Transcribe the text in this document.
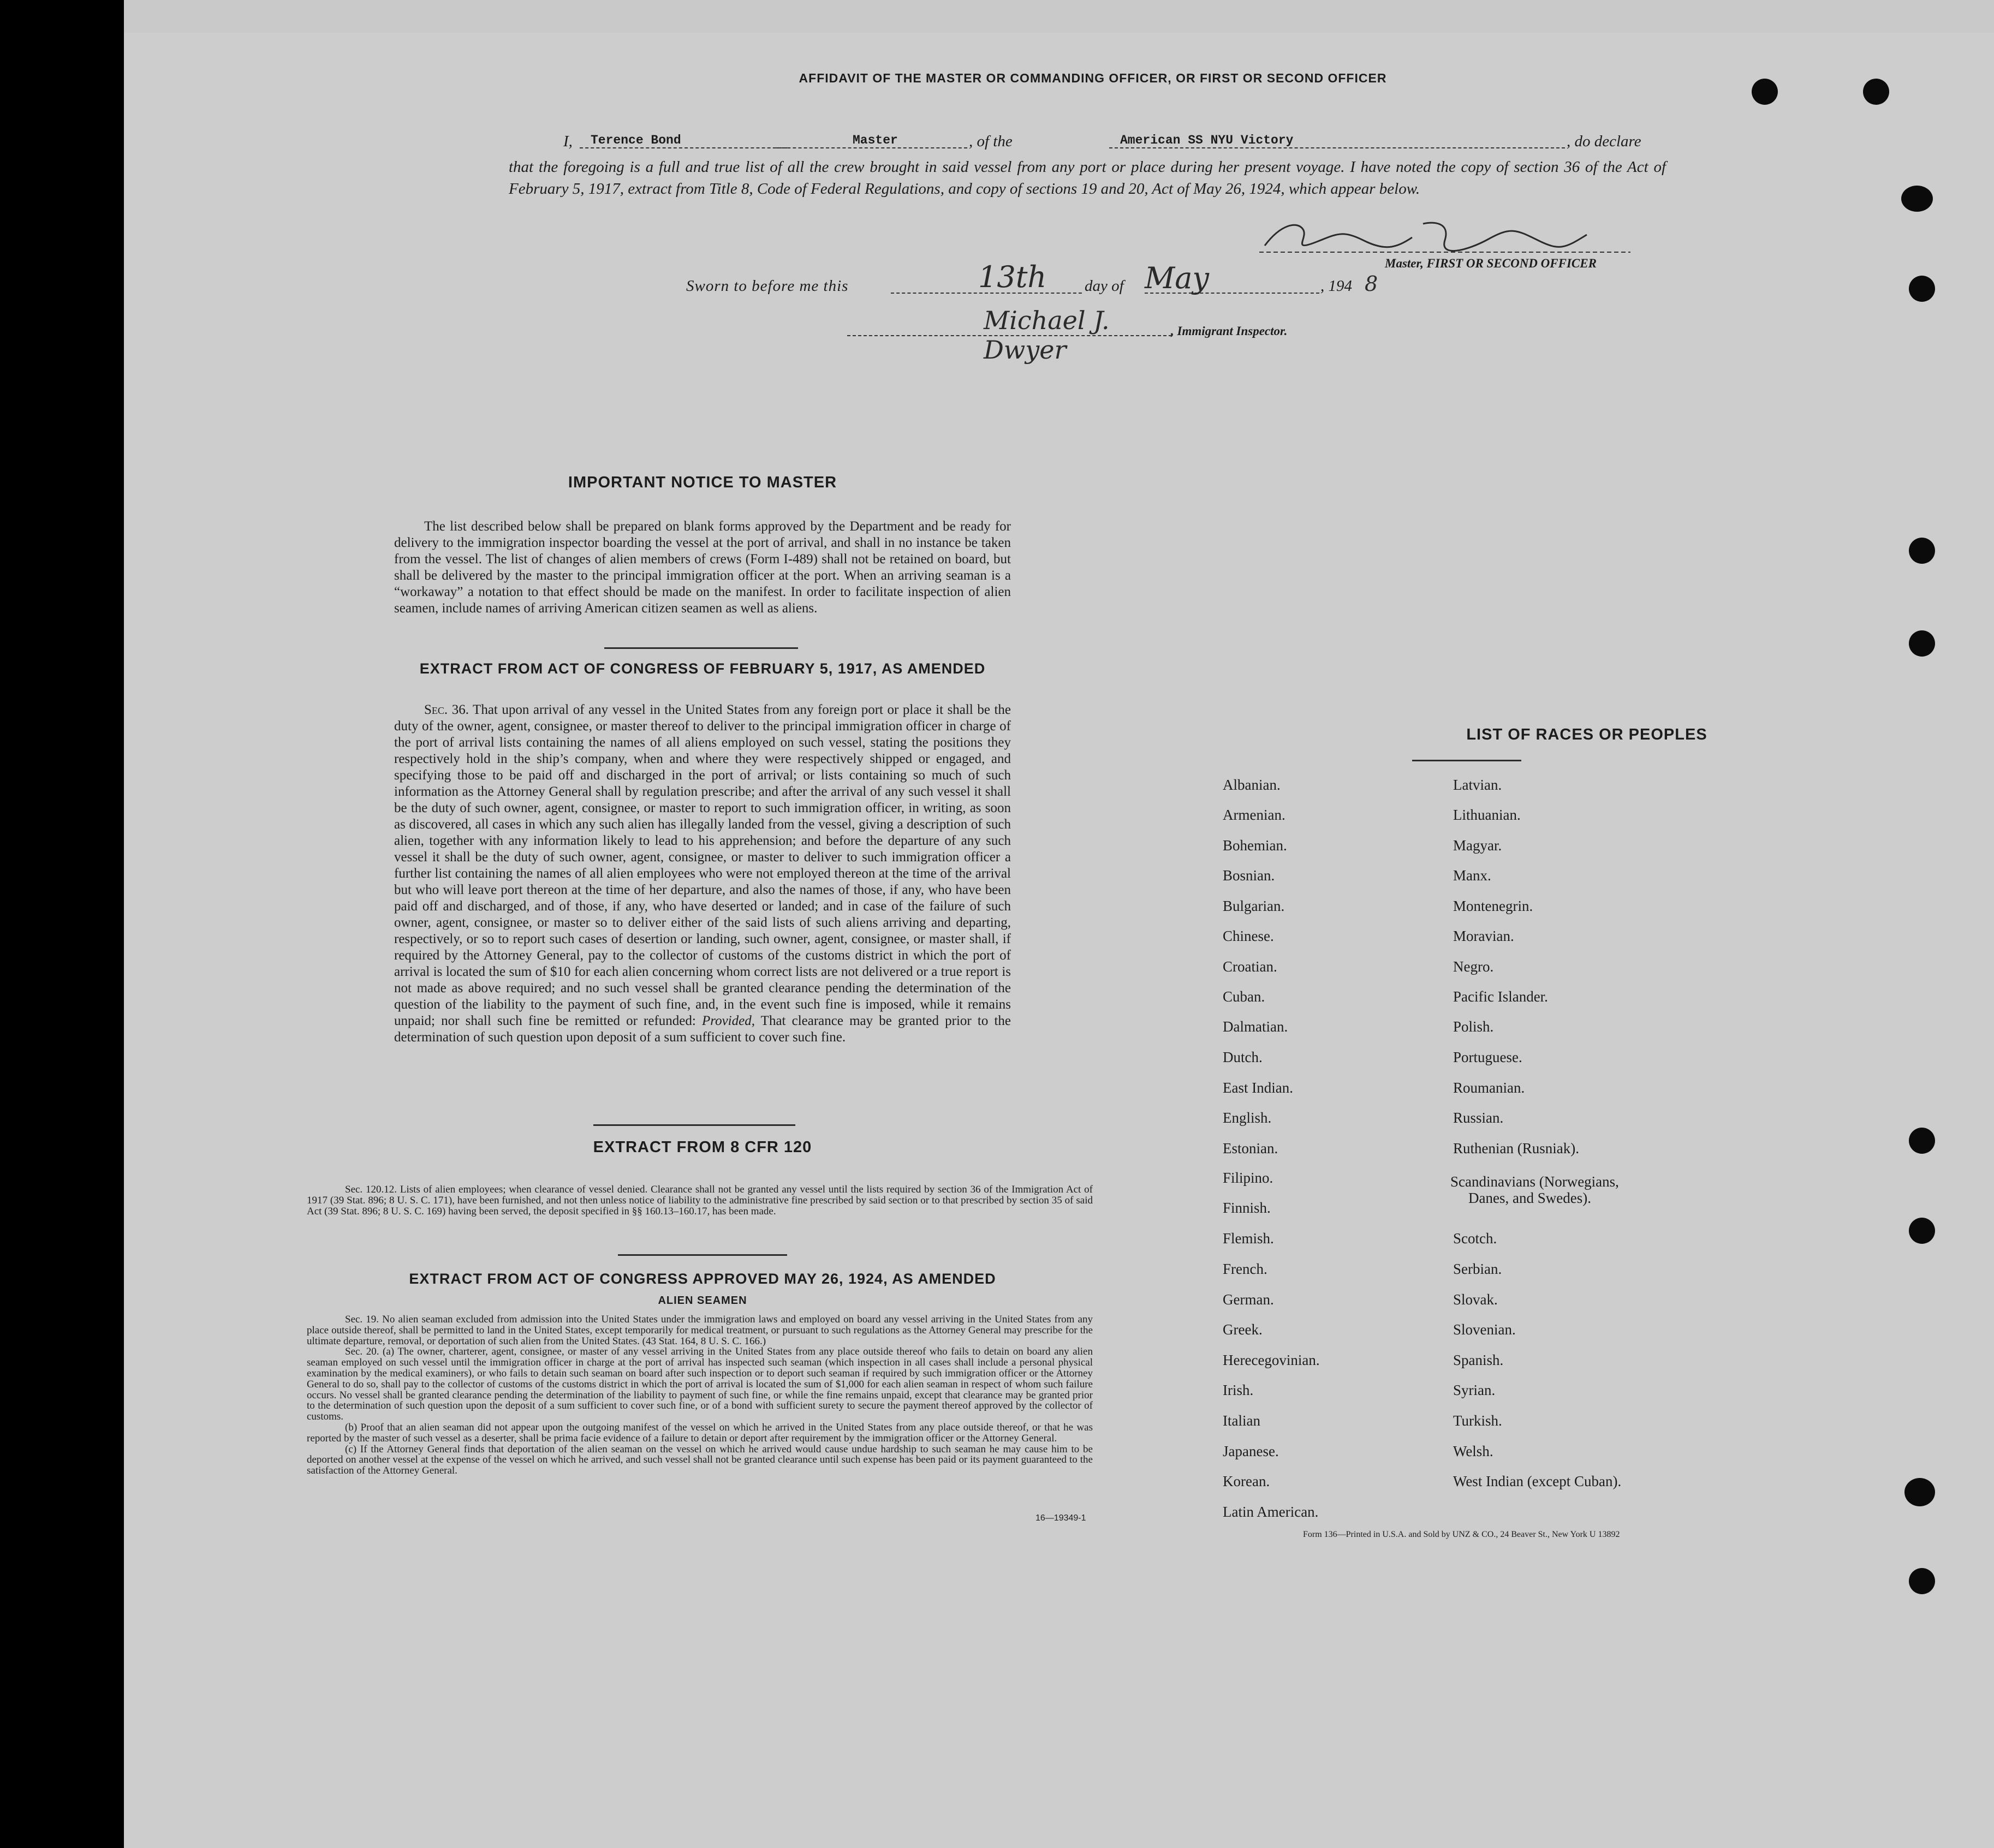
AFFIDAVIT OF THE MASTER OR COMMANDING OFFICER, OR FIRST OR SECOND OFFICER
I,	Terence Bond	Master	, of the	American SS NYU Victory	, do declare
that the foregoing is a full and true list of all the crew brought in said vessel from any port or place during her present voyage. I have noted the copy of section 36 of the Act of February 5, 1917, extract from Title 8, Code of Federal Regulations, and copy of sections 19 and 20, Act of May 26, 1924, which appear below.
Master, FIRST OR SECOND OFFICER
Sworn to before me this	13th day of May	, 194 8
Michael J. Dwyer
, Immigrant Inspector.
IMPORTANT NOTICE TO MASTER
The list described below shall be prepared on blank forms approved by the Department and be ready for delivery to the immigration inspector boarding the vessel at the port of arrival, and shall in no instance be taken from the vessel. The list of changes of alien members of crews (Form I-489) shall not be retained on board, but shall be delivered by the master to the principal immigration officer at the port. When an arriving seaman is a “workaway” a notation to that effect should be made on the manifest. In order to facilitate inspection of alien seamen, include names of arriving American citizen seamen as well as aliens.
EXTRACT FROM ACT OF CONGRESS OF FEBRUARY 5, 1917, AS AMENDED
Sec. 36. That upon arrival of any vessel in the United States from any foreign port or place it shall be the duty of the owner, agent, consignee, or master thereof to deliver to the principal immigration officer in charge of the port of arrival lists containing the names of all aliens employed on such vessel, stating the positions they respectively hold in the ship’s company, when and where they were respectively shipped or engaged, and specifying those to be paid off and discharged in the port of arrival; or lists containing so much of such information as the Attorney General shall by regulation prescribe; and after the arrival of any such vessel it shall be the duty of such owner, agent, consignee, or master to report to such immigration officer, in writing, as soon as discovered, all cases in which any such alien has illegally landed from the vessel, giving a description of such alien, together with any information likely to lead to his apprehension; and before the departure of any such vessel it shall be the duty of such owner, agent, consignee, or master to deliver to such immigration officer a further list containing the names of all alien employees who were not employed thereon at the time of the arrival but who will leave port thereon at the time of her departure, and also the names of those, if any, who have been paid off and discharged, and of those, if any, who have deserted or landed; and in case of the failure of such owner, agent, consignee, or master so to deliver either of the said lists of such aliens arriving and departing, respectively, or so to report such cases of desertion or landing, such owner, agent, consignee, or master shall, if required by the Attorney General, pay to the collector of customs of the customs district in which the port of arrival is located the sum of $10 for each alien concerning whom correct lists are not delivered or a true report is not made as above required; and no such vessel shall be granted clearance pending the determination of the question of the liability to the payment of such fine, and, in the event such fine is imposed, while it remains unpaid; nor shall such fine be remitted or refunded: Provided, That clearance may be granted prior to the determination of such question upon deposit of a sum sufficient to cover such fine.
EXTRACT FROM 8 CFR 120
Sec. 120.12. Lists of alien employees; when clearance of vessel denied. Clearance shall not be granted any vessel until the lists required by section 36 of the Immigration Act of 1917 (39 Stat. 896; 8 U. S. C. 171), have been furnished, and not then unless notice of liability to the administrative fine prescribed by said section or to that prescribed by section 35 of said Act (39 Stat. 896; 8 U. S. C. 169) having been served, the deposit specified in §§ 160.13–160.17, has been made.
EXTRACT FROM ACT OF CONGRESS APPROVED MAY 26, 1924, AS AMENDED
ALIEN SEAMEN
Sec. 19. No alien seaman excluded from admission into the United States under the immigration laws and employed on board any vessel arriving in the United States from any place outside thereof, shall be permitted to land in the United States, except temporarily for medical treatment, or pursuant to such regulations as the Attorney General may prescribe for the ultimate departure, removal, or deportation of such alien from the United States. (43 Stat. 164, 8 U. S. C. 166.)
Sec. 20. (a) The owner, charterer, agent, consignee, or master of any vessel arriving in the United States from any place outside thereof who fails to detain on board any alien seaman employed on such vessel until the immigration officer in charge at the port of arrival has inspected such seaman (which inspection in all cases shall include a personal physical examination by the medical examiners), or who fails to detain such seaman on board after such inspection or to deport such seaman if required by such immigration officer or the Attorney General to do so, shall pay to the collector of customs of the customs district in which the port of arrival is located the sum of $1,000 for each alien seaman in respect of whom such failure occurs. No vessel shall be granted clearance pending the determination of the liability to payment of such fine, or while the fine remains unpaid, except that clearance may be granted prior to the determination of such question upon the deposit of a sum sufficient to cover such fine, or of a bond with sufficient surety to secure the payment thereof approved by the collector of customs.
(b) Proof that an alien seaman did not appear upon the outgoing manifest of the vessel on which he arrived in the United States from any place outside thereof, or that he was reported by the master of such vessel as a deserter, shall be prima facie evidence of a failure to detain or deport after requirement by the immigration officer or the Attorney General.
(c) If the Attorney General finds that deportation of the alien seaman on the vessel on which he arrived would cause undue hardship to such seaman he may cause him to be deported on another vessel at the expense of the vessel on which he arrived, and such vessel shall not be granted clearance until such expense has been paid or its payment guaranteed to the satisfaction of the Attorney General.
16—19349-1
LIST OF RACES OR PEOPLES
Form 136—Printed in U.S.A. and Sold by UNZ & CO., 24 Beaver St., New York U 13892
Albanian.
Armenian.
Bohemian.
Bosnian.
Bulgarian.
Chinese.
Croatian.
Cuban.
Dalmatian.
Dutch.
East Indian.
English.
Estonian.
Filipino.
Finnish.
Flemish.
French.
German.
Greek.
Herecegovinian.
Irish.
Italian
Japanese.
Korean.
Latin American.
Latvian.
Lithuanian.
Magyar.
Manx.
Montenegrin.
Moravian.
Negro.
Pacific Islander.
Polish.
Portuguese.
Roumanian.
Russian.
Ruthenian (Rusniak).
Scandinavians (Norwegians,
Danes, and Swedes).
Scotch.
Serbian.
Slovak.
Slovenian.
Spanish.
Syrian.
Turkish.
Welsh.
West Indian (except Cuban).
